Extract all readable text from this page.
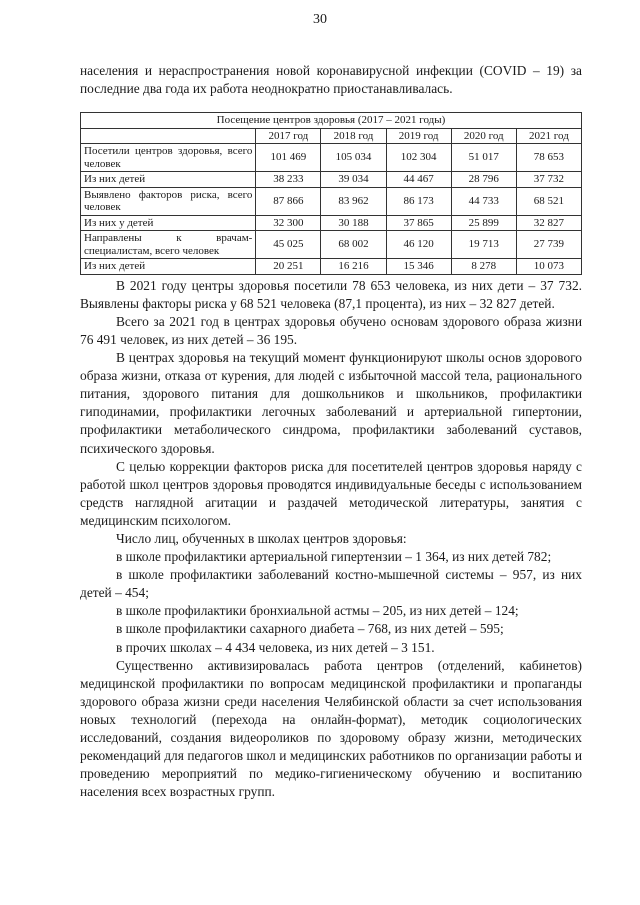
30

населения и нераспространения новой коронавирусной инфекции (COVID – 19) за последние два года их работа неоднократно приостанавливалась.

Посещение центров здоровья (2017 – 2021 годы)					
	2017 год	2018 год	2019 год	2020 год	2021 год
Посетили центров здоровья, всего человек	101 469	105 034	102 304	51 017	78 653
Из них детей	38 233	39 034	44 467	28 796	37 732
Выявлено факторов риска, всего человек	87 866	83 962	86 173	44 733	68 521
Из них у детей	32 300	30 188	37 865	25 899	32 827
Направлены к врачам-специалистам, всего человек	45 025	68 002	46 120	19 713	27 739
Из них детей	20 251	16 216	15 346	8 278	10 073

В 2021 году центры здоровья посетили 78 653 человека, из них дети – 37 732. Выявлены факторы риска у 68 521 человека (87,1 процента), из них – 32 827 детей.

Всего за 2021 год в центрах здоровья обучено основам здорового образа жизни 76 491 человек, из них детей – 36 195.

В центрах здоровья на текущий момент функционируют школы основ здорового образа жизни, отказа от курения, для людей с избыточной массой тела, рационального питания, здорового питания для дошкольников и школьников, профилактики гиподинамии, профилактики легочных заболеваний и артериальной гипертонии, профилактики метаболического синдрома, профилактики заболеваний суставов, психического здоровья.

С целью коррекции факторов риска для посетителей центров здоровья наряду с работой школ центров здоровья проводятся индивидуальные беседы с использованием средств наглядной агитации и раздачей методической литературы, занятия с медицинским психологом.

Число лиц, обученных в школах центров здоровья:

в школе профилактики артериальной гипертензии – 1 364, из них детей 782;

в школе профилактики заболеваний костно-мышечной системы – 957, из них детей – 454;

в школе профилактики бронхиальной астмы – 205, из них детей – 124;

в школе профилактики сахарного диабета – 768, из них детей – 595;

в прочих школах – 4 434 человека, из них детей – 3 151.

Существенно активизировалась работа центров (отделений, кабинетов) медицинской профилактики по вопросам медицинской профилактики и пропаганды здорового образа жизни среди населения Челябинской области за счет использования новых технологий (перехода на онлайн-формат), методик социологических исследований, создания видеороликов по здоровому образу жизни, методических рекомендаций для педагогов школ и медицинских работников по организации работы и проведению мероприятий по медико-гигиеническому обучению и воспитанию населения всех возрастных групп.
